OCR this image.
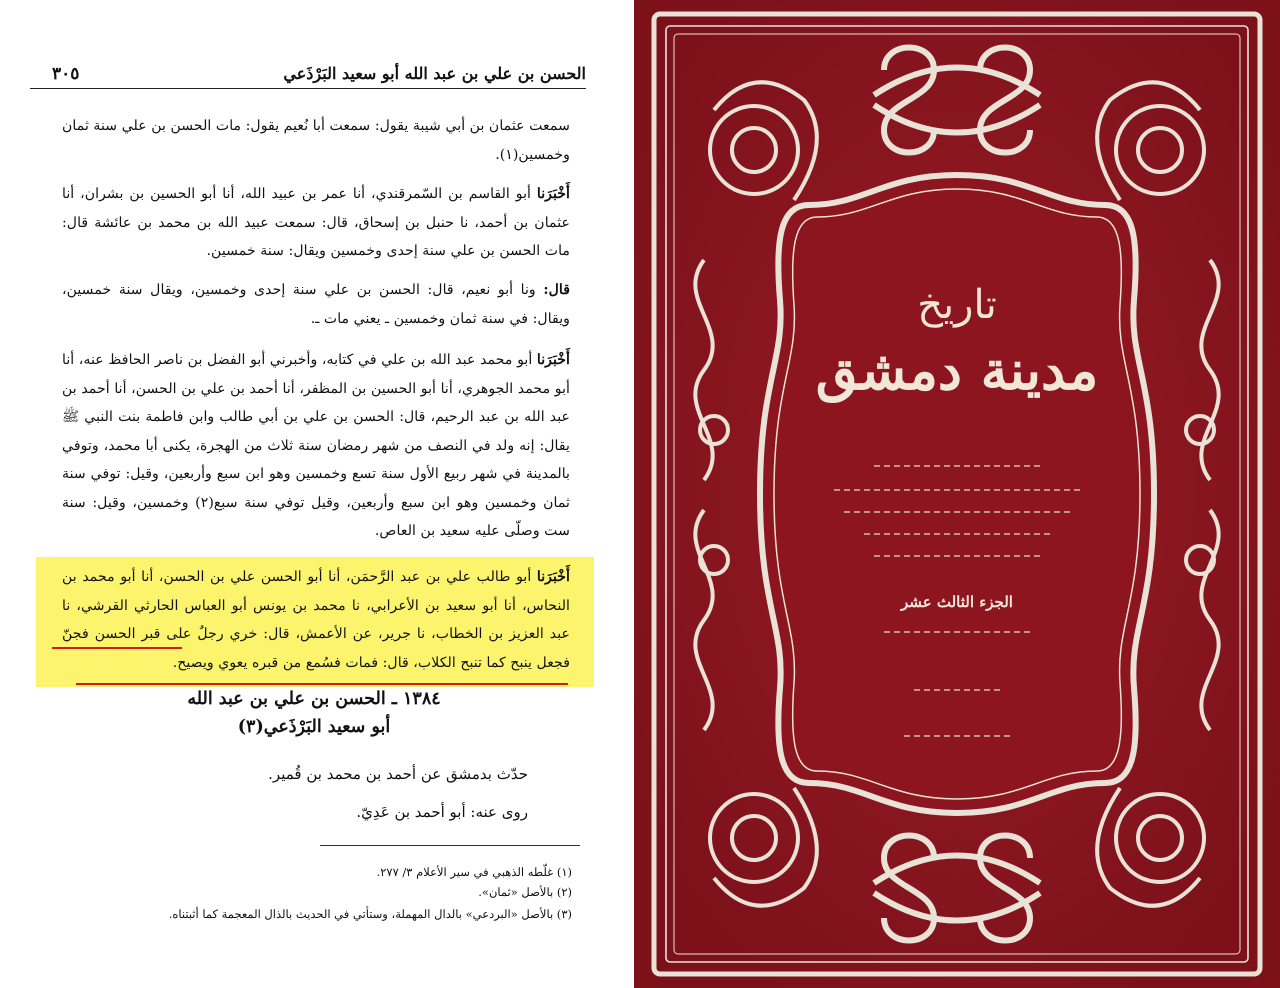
الحسن بن علي بن عبد الله أبو سعيد البَرْذَعي
٣٠٥

سمعت عثمان بن أبي شيبة يقول: سمعت أبا نُعيم يقول: مات الحسن بن علي سنة ثمان وخمسين(١).

أَخْبَرَنا أبو القاسم بن السّمرقندي، أنا عمر بن عبيد الله، أنا أبو الحسين بن بشران، أنا عثمان بن أحمد، نا حنبل بن إسحاق، قال: سمعت عبيد الله بن محمد بن عائشة قال: مات الحسن بن علي سنة إحدى وخمسين ويقال: سنة خمسين.

قال: ونا أبو نعيم، قال: الحسن بن علي سنة إحدى وخمسين، ويقال سنة خمسين، ويقال: في سنة ثمان وخمسين ـ يعني مات ـ.

أَخْبَرَنا أبو محمد عبد الله بن علي في كتابه، وأخبرني أبو الفضل بن ناصر الحافظ عنه، أنا أبو محمد الجوهري، أنا أبو الحسين بن المظفر، أنا أحمد بن علي بن الحسن، أنا أحمد بن عبد الله بن عبد الرحيم، قال: الحسن بن علي بن أبي طالب وابن فاطمة بنت النبي ﷺ يقال: إنه ولد في النصف من شهر رمضان سنة ثلاث من الهجرة، يكنى أبا محمد، وتوفي بالمدينة في شهر ربيع الأول سنة تسع وخمسين وهو ابن سبع وأربعين، وقيل: توفي سنة ثمان وخمسين وهو ابن سبع وأربعين، وقيل توفي سنة سبع(٢) وخمسين، وقيل: سنة ست وصلّى عليه سعيد بن العاص.

أَخْبَرَنا أبو طالب علي بن عبد الرَّحمَن، أنا أبو الحسن علي بن الحسن، أنا أبو محمد بن النحاس، أنا أبو سعيد بن الأعرابي، نا محمد بن يونس أبو العباس الحارثي القرشي، نا عبد العزيز بن الخطاب، نا جرير، عن الأعمش، قال: خري رجلٌ على قبر الحسن فجنّ فجعل ينبح كما تنبح الكلاب، قال: فمات فسُمع من قبره يعوي ويصيح.

١٣٨٤ ـ الحسن بن علي بن عبد الله
أبو سعيد البَرْذَعي(٣)
حدّث بدمشق عن أحمد بن محمد بن قُمير.
روى عنه: أبو أحمد بن عَدِيّ.
(١) غلّطه الذهبي في سير الأعلام ٣/ ٢٧٧.
(٢) بالأصل «ثمان».
(٣) بالأصل «البردعي» بالدال المهملة، وستأتي في الحديث بالذال المعجمة كما أثبتناه.
تاريخ
مدينة دمشق
الجزء الثالث عشر
